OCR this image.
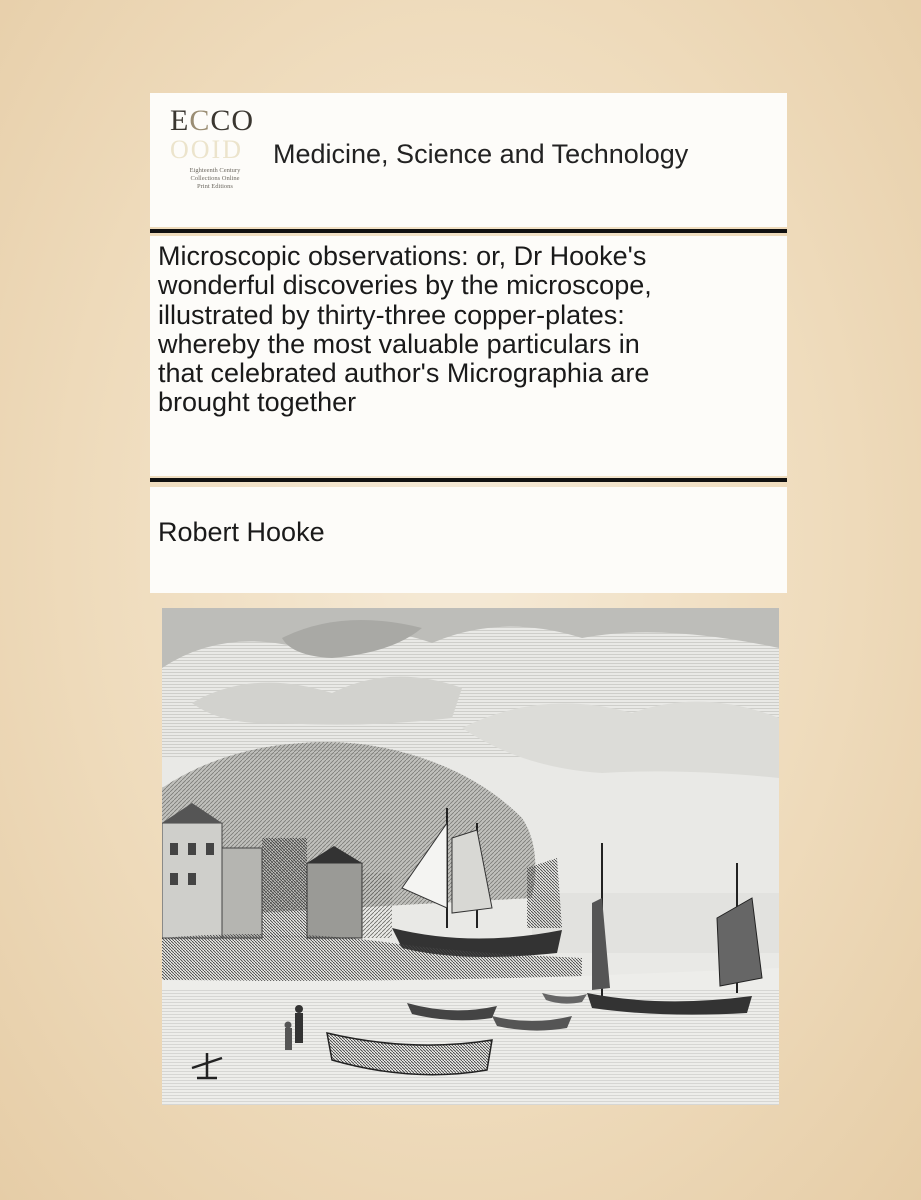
ECCO
OOID
Eighteenth Century
Collections Online
Print Editions
Medicine, Science and Technology
Microscopic observations: or, Dr Hooke's
wonderful discoveries by the microscope,
illustrated by thirty-three copper-plates:
whereby the most valuable particulars in
that celebrated author's Micrographia are
brought together
Robert Hooke
